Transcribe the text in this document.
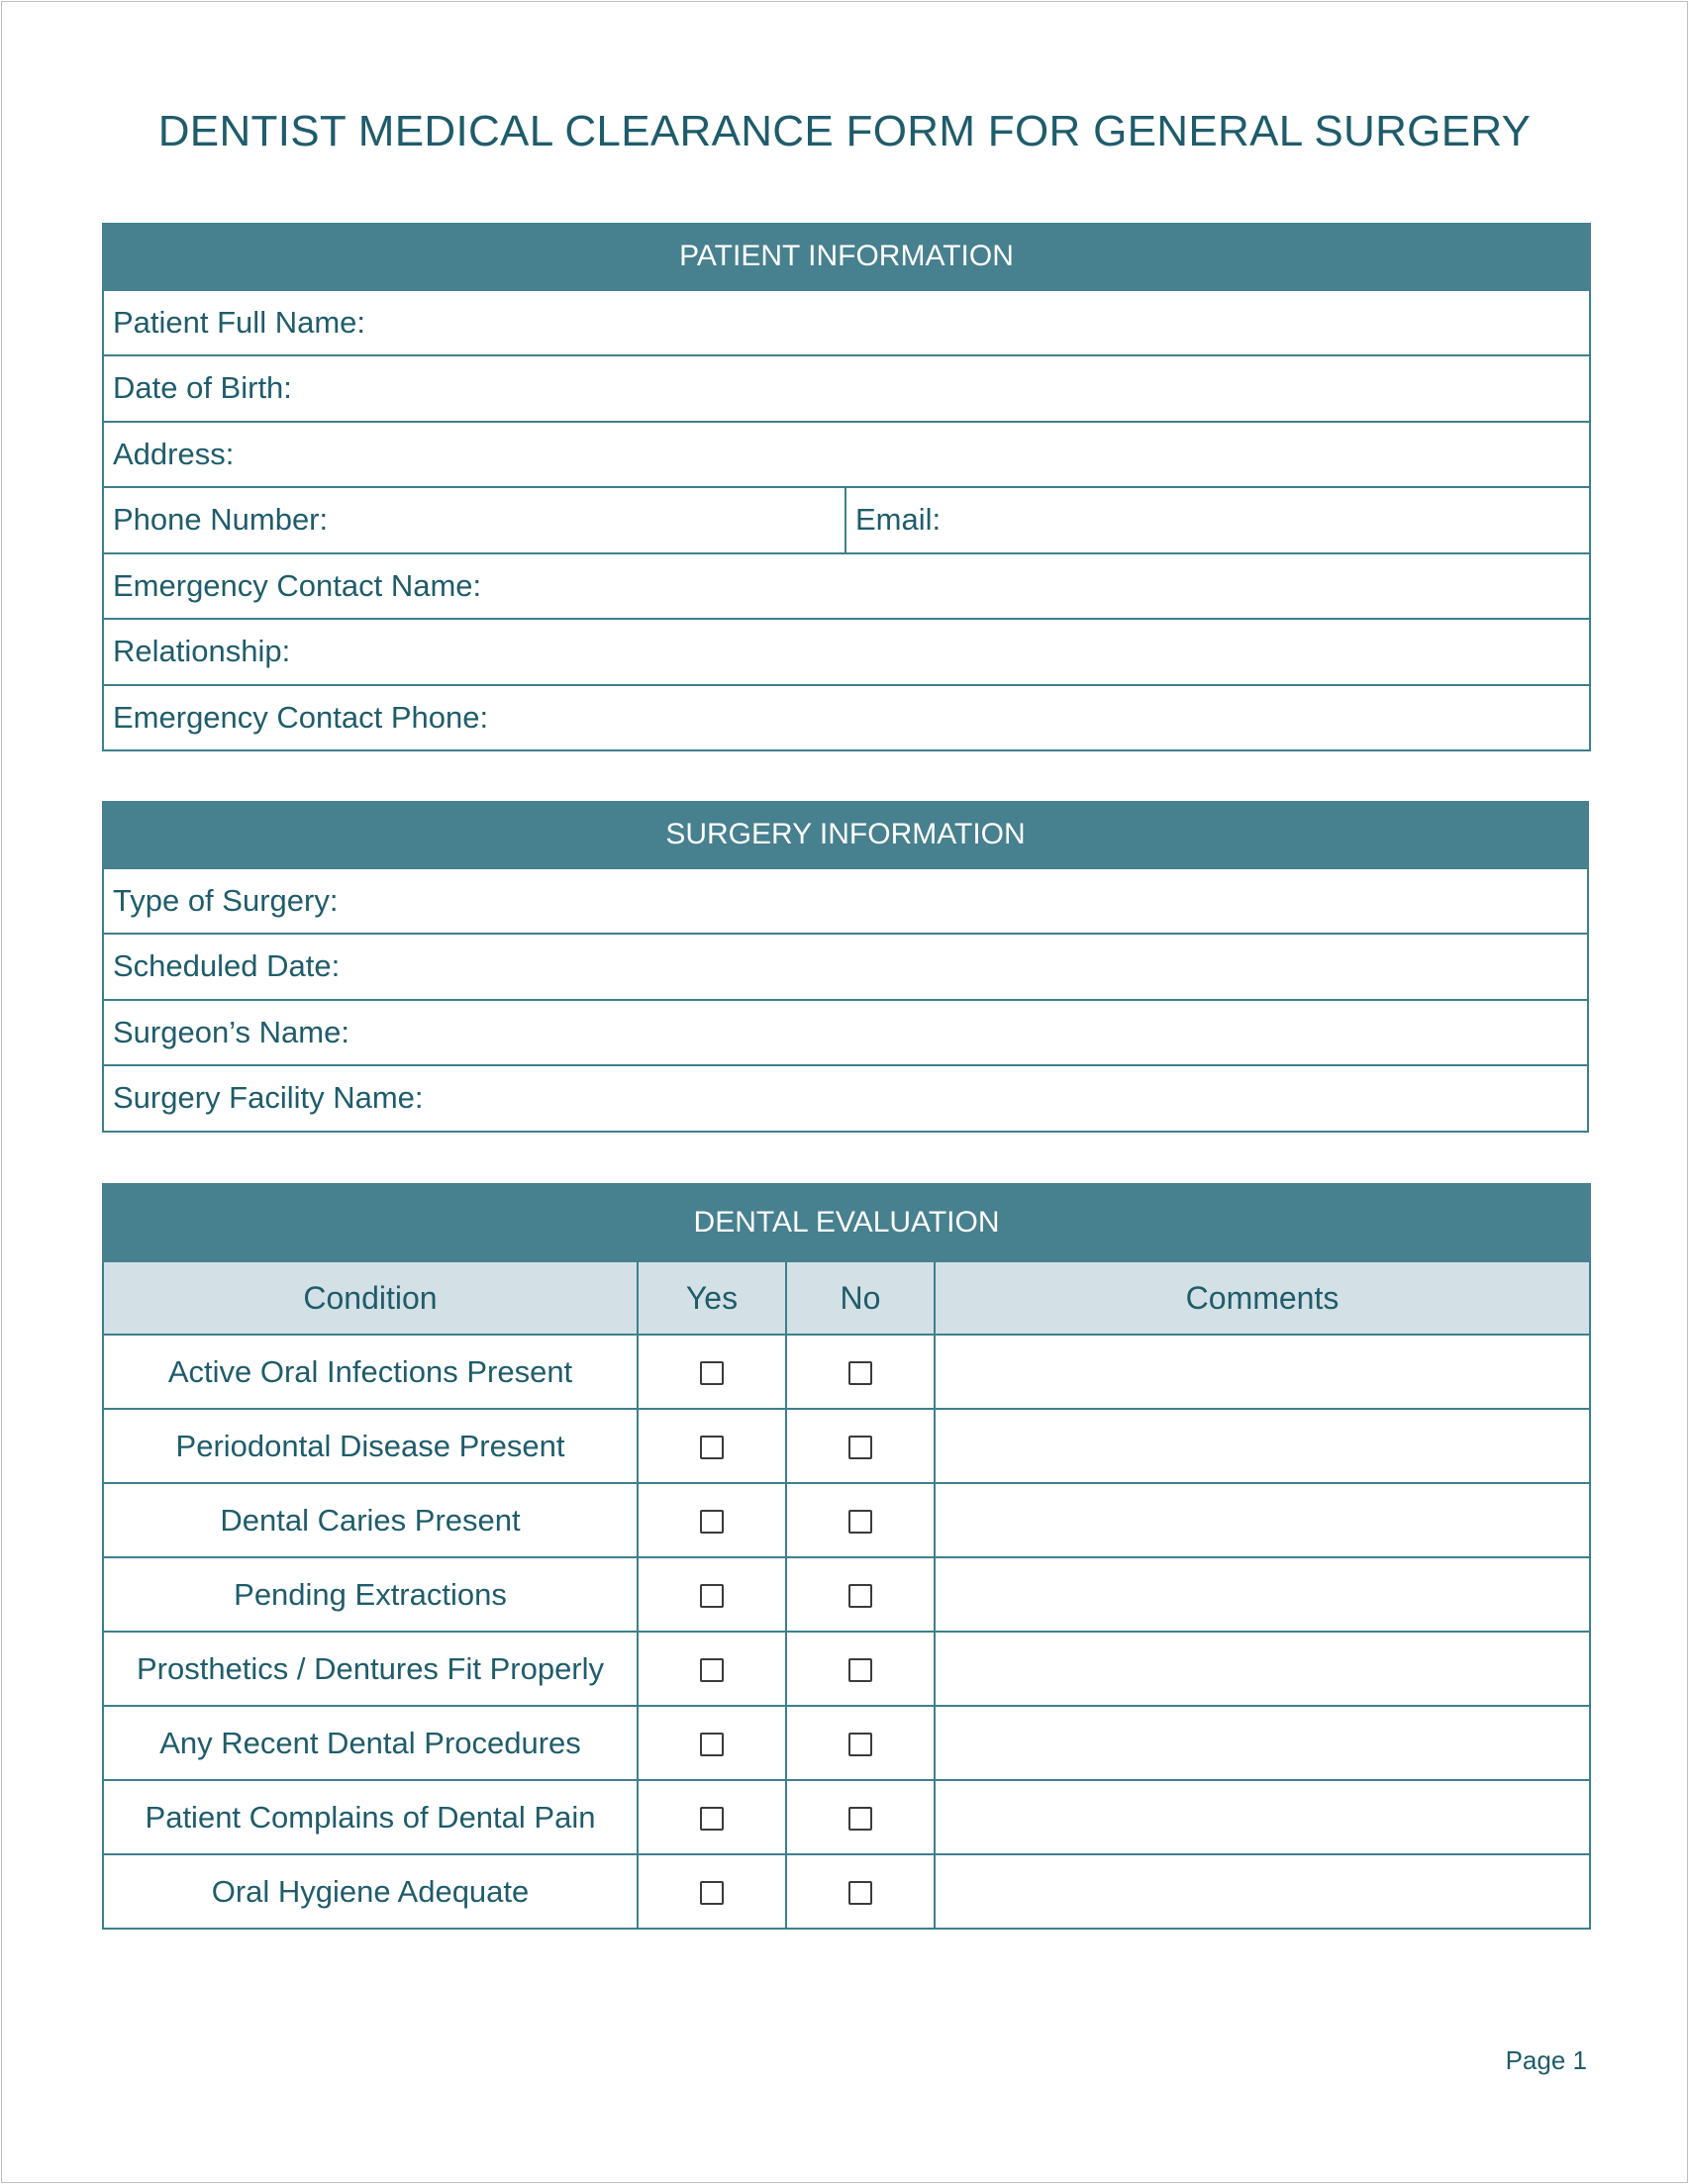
DENTIST MEDICAL CLEARANCE FORM FOR GENERAL SURGERY
PATIENT INFORMATION
Patient Full Name:
Date of Birth:
Address:
Phone Number:	Email:
Emergency Contact Name:
Relationship:
Emergency Contact Phone:
SURGERY INFORMATION
Type of Surgery:
Scheduled Date:
Surgeon’s Name:
Surgery Facility Name:
DENTAL EVALUATION			
Condition	Yes	No	Comments
Active Oral Infections Present			
Periodontal Disease Present			
Dental Caries Present			
Pending Extractions			
Prosthetics / Dentures Fit Properly			
Any Recent Dental Procedures			
Patient Complains of Dental Pain			
Oral Hygiene Adequate			
Page 1
